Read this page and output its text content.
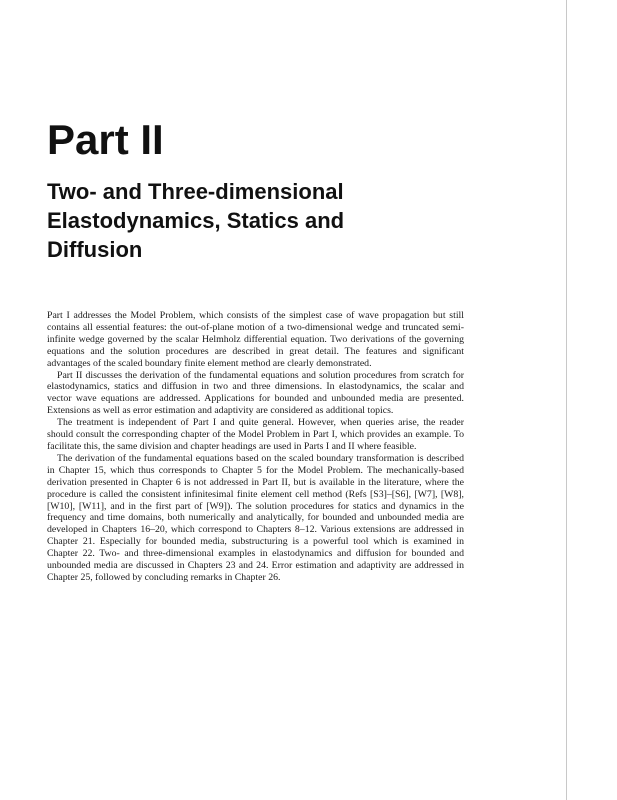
Part II
Two- and Three-dimensional
Elastodynamics, Statics and
Diffusion

Part I addresses the Model Problem, which consists of the simplest case of wave propagation but still contains all essential features: the out-of-plane motion of a two-dimensional wedge and truncated semi-infinite wedge governed by the scalar Helmholz differential equation. Two derivations of the governing equations and the solution procedures are described in great detail. The features and significant advantages of the scaled boundary finite element method are clearly demonstrated.

Part II discusses the derivation of the fundamental equations and solution procedures from scratch for elastodynamics, statics and diffusion in two and three dimensions. In elastodynamics, the scalar and vector wave equations are addressed. Applications for bounded and unbounded media are presented. Extensions as well as error estimation and adaptivity are considered as additional topics.

The treatment is independent of Part I and quite general. However, when queries arise, the reader should consult the corresponding chapter of the Model Problem in Part I, which provides an example. To facilitate this, the same division and chapter headings are used in Parts I and II where feasible.

The derivation of the fundamental equations based on the scaled boundary transformation is described in Chapter 15, which thus corresponds to Chapter 5 for the Model Problem. The mechanically-based derivation presented in Chapter 6 is not addressed in Part II, but is available in the literature, where the procedure is called the consistent infinitesimal finite element cell method (Refs [S3]–[S6], [W7], [W8], [W10], [W11], and in the first part of [W9]). The solution procedures for statics and dynamics in the frequency and time domains, both numerically and analytically, for bounded and unbounded media are developed in Chapters 16–20, which correspond to Chapters 8–12. Various extensions are addressed in Chapter 21. Especially for bounded media, substructuring is a powerful tool which is examined in Chapter 22. Two- and three-dimensional examples in elastodynamics and diffusion for bounded and unbounded media are discussed in Chapters 23 and 24. Error estimation and adaptivity are addressed in Chapter 25, followed by concluding remarks in Chapter 26.
